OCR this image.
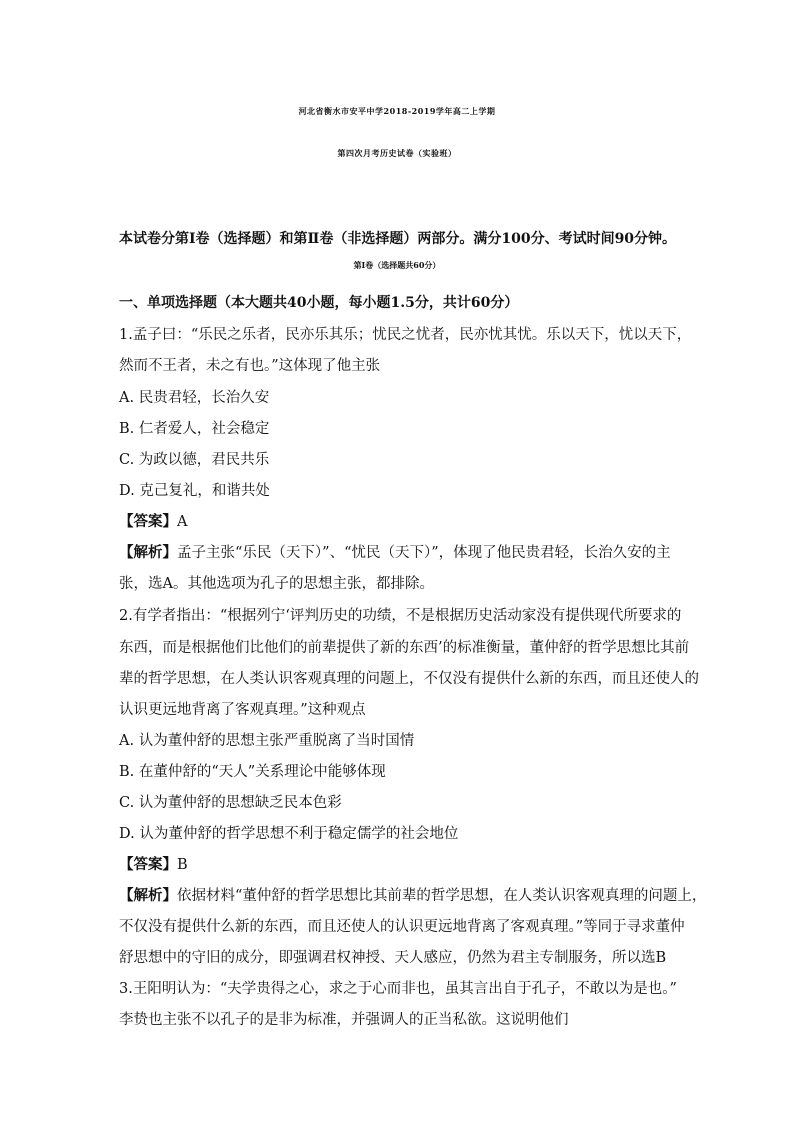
河北省衡水市安平中学2018-2019学年高二上学期
第四次月考历史试卷（实验班）
本试卷分第Ⅰ卷（选择题）和第Ⅱ卷（非选择题）两部分。满分100分、考试时间90分钟。
第Ⅰ卷（选择题共60分）
一、单项选择题（本大题共40小题，每小题1.5分，共计60分）
1.孟子曰：“乐民之乐者，民亦乐其乐；忧民之忧者，民亦忧其忧。乐以天下，忧以天下，
然而不王者，未之有也。”这体现了他主张
A. 民贵君轻，长治久安
B. 仁者爱人，社会稳定
C. 为政以德，君民共乐
D. 克己复礼，和谐共处
【答案】A
【解析】孟子主张“乐民（天下）”、“忧民（天下）”，体现了他民贵君轻，长治久安的主
张，选A。其他选项为孔子的思想主张，都排除。
2.有学者指出：“根据列宁‘评判历史的功绩，不是根据历史活动家没有提供现代所要求的
东西，而是根据他们比他们的前辈提供了新的东西’的标准衡量，董仲舒的哲学思想比其前
辈的哲学思想，在人类认识客观真理的问题上，不仅没有提供什么新的东西，而且还使人的
认识更远地背离了客观真理。”这种观点
A. 认为董仲舒的思想主张严重脱离了当时国情
B. 在董仲舒的“天人”关系理论中能够体现
C. 认为董仲舒的思想缺乏民本色彩
D. 认为董仲舒的哲学思想不利于稳定儒学的社会地位
【答案】B
【解析】依据材料“董仲舒的哲学思想比其前辈的哲学思想，在人类认识客观真理的问题上，
不仅没有提供什么新的东西，而且还使人的认识更远地背离了客观真理。”等同于寻求董仲
舒思想中的守旧的成分，即强调君权神授、天人感应，仍然为君主专制服务，所以选B
3.王阳明认为：“夫学贵得之心，求之于心而非也，虽其言出自于孔子，不敢以为是也。”
李贽也主张不以孔子的是非为标准，并强调人的正当私欲。这说明他们
